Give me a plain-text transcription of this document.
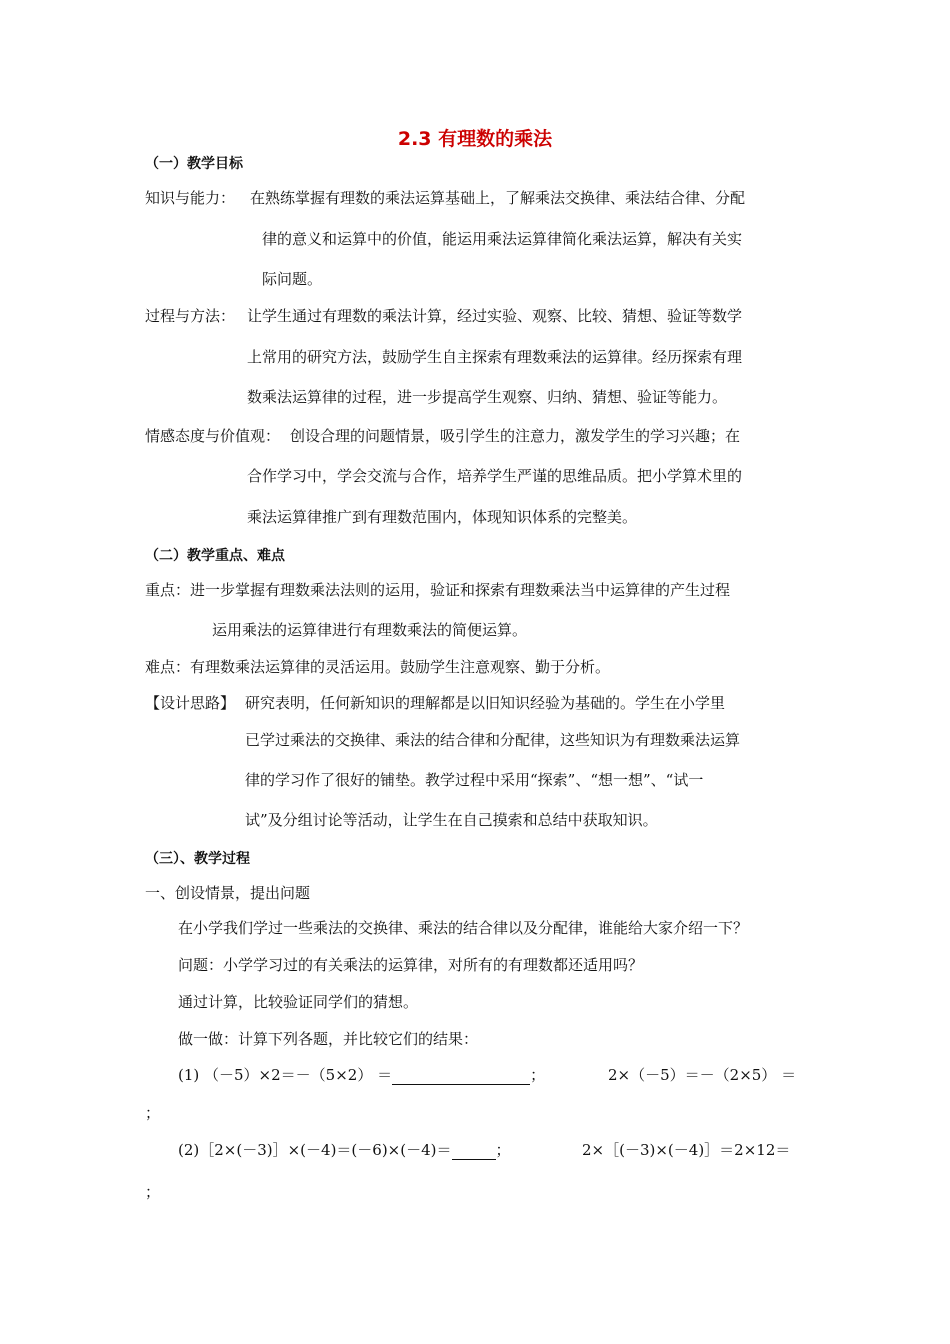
2.3 有理数的乘法
（一）教学目标
知识与能力： 在熟练掌握有理数的乘法运算基础上，了解乘法交换律、乘法结合律、分配
律的意义和运算中的价值，能运用乘法运算律简化乘法运算，解决有关实
际问题。
过程与方法： 让学生通过有理数的乘法计算，经过实验、观察、比较、猜想、验证等数学
上常用的研究方法，鼓励学生自主探索有理数乘法的运算律。经历探索有理
数乘法运算律的过程，进一步提高学生观察、归纳、猜想、验证等能力。
情感态度与价值观： 创设合理的问题情景，吸引学生的注意力，激发学生的学习兴趣；在
合作学习中，学会交流与合作，培养学生严谨的思维品质。把小学算术里的
乘法运算律推广到有理数范围内，体现知识体系的完整美。
（二）教学重点、难点
重点： 进一步掌握有理数乘法法则的运用，验证和探索有理数乘法当中运算律的产生过程
运用乘法的运算律进行有理数乘法的简便运算。
难点： 有理数乘法运算律的灵活运用。鼓励学生注意观察、勤于分析。
【设计思路】 研究表明，任何新知识的理解都是以旧知识经验为基础的。学生在小学里
已学过乘法的交换律、乘法的结合律和分配律，这些知识为有理数乘法运算
律的学习作了很好的铺垫。教学过程中采用“探索”、“想一想”、“试一
试”及分组讨论等活动，让学生在自己摸索和总结中获取知识。
（三）、教学过程
一、创设情景，提出问题
在小学我们学过一些乘法的交换律、乘法的结合律以及分配律，谁能给大家介绍一下？
问题：小学学习过的有关乘法的运算律，对所有的有理数都还适用吗？
通过计算，比较验证同学们的猜想。
做一做：计算下列各题，并比较它们的结果：
(1) （－5）×2＝－（5×2） ＝	；	2×（－5）＝－（2×5） ＝
；
(2)［2×(－3)］×(－4)＝(－6)×(－4)＝	；	2×［(－3)×(－4)］＝2×12＝
；
